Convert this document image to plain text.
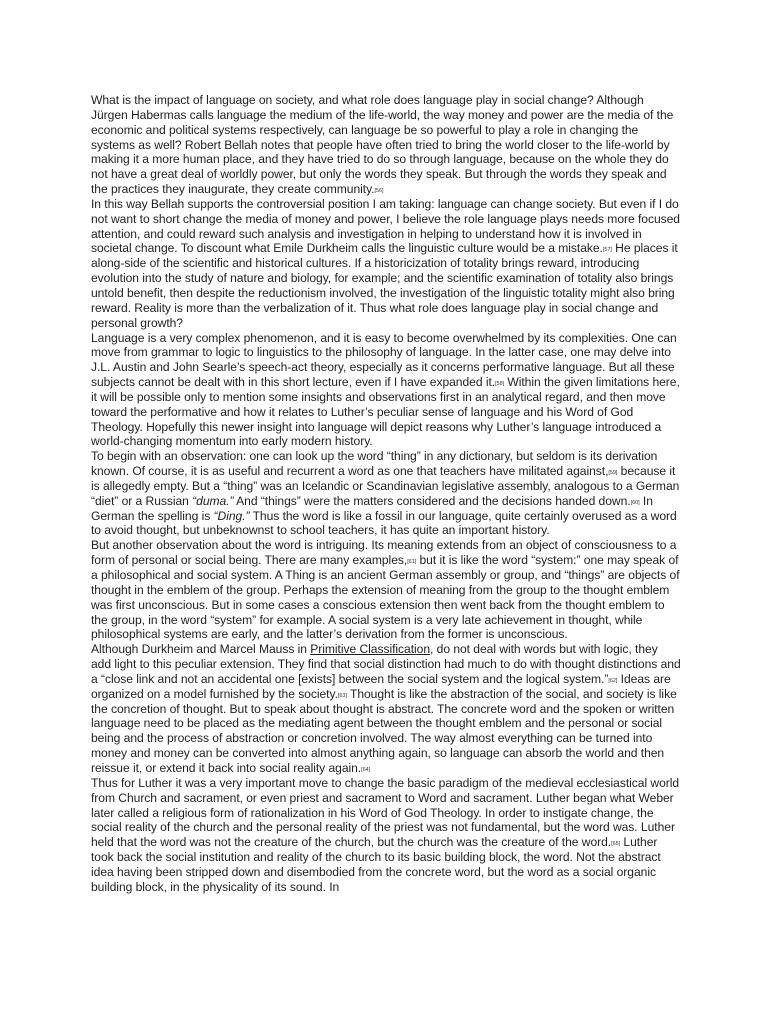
What is the impact of language on society, and what role does language play in social change? Although Jürgen Habermas calls language the medium of the life-world, the way money and power are the media of the economic and political systems respectively, can language be so powerful to play a role in changing the systems as well? Robert Bellah notes that people have often tried to bring the world closer to the life-world by making it a more human place, and they have tried to do so through language, because on the whole they do not have a great deal of worldly power, but only the words they speak. But through the words they speak and the practices they inaugurate, they create community.[56]

In this way Bellah supports the controversial position I am taking: language can change society. But even if I do not want to short change the media of money and power, I believe the role language plays needs more focused attention, and could reward such analysis and investigation in helping to understand how it is involved in societal change. To discount what Emile Durkheim calls the linguistic culture would be a mistake.[57] He places it along-side of the scientific and historical cultures. If a historicization of totality brings reward, introducing evolution into the study of nature and biology, for example; and the scientific examination of totality also brings untold benefit, then despite the reductionism involved, the investigation of the linguistic totality might also bring reward. Reality is more than the verbalization of it. Thus what role does language play in social change and personal growth?

Language is a very complex phenomenon, and it is easy to become overwhelmed by its complexities. One can move from grammar to logic to linguistics to the philosophy of language. In the latter case, one may delve into J.L. Austin and John Searle’s speech-act theory, especially as it concerns performative language. But all these subjects cannot be dealt with in this short lecture, even if I have expanded it.[58] Within the given limitations here, it will be possible only to mention some insights and observations first in an analytical regard, and then move toward the performative and how it relates to Luther’s peculiar sense of language and his Word of God Theology. Hopefully this newer insight into language will depict reasons why Luther’s language introduced a world-changing momentum into early modern history.

To begin with an observation: one can look up the word “thing” in any dictionary, but seldom is its derivation known. Of course, it is as useful and recurrent a word as one that teachers have militated against,[59] because it is allegedly empty. But a “thing” was an Icelandic or Scandinavian legislative assembly, analogous to a German “diet” or a Russian “duma.” And “things” were the matters considered and the decisions handed down.[60] In German the spelling is “Ding.” Thus the word is like a fossil in our language, quite certainly overused as a word to avoid thought, but unbeknownst to school teachers, it has quite an important history.

But another observation about the word is intriguing. Its meaning extends from an object of consciousness to a form of personal or social being. There are many examples,[61] but it is like the word “system:” one may speak of a philosophical and social system. A Thing is an ancient German assembly or group, and “things” are objects of thought in the emblem of the group. Perhaps the extension of meaning from the group to the thought emblem was first unconscious. But in some cases a conscious extension then went back from the thought emblem to the group, in the word “system” for example. A social system is a very late achievement in thought, while philosophical systems are early, and the latter’s derivation from the former is unconscious.

Although Durkheim and Marcel Mauss in Primitive Classification, do not deal with words but with logic, they add light to this peculiar extension. They find that social distinction had much to do with thought distinctions and a “close link and not an accidental one [exists] between the social system and the logical system.”[62] Ideas are organized on a model furnished by the society.[63] Thought is like the abstraction of the social, and society is like the concretion of thought. But to speak about thought is abstract. The concrete word and the spoken or written language need to be placed as the mediating agent between the thought emblem and the personal or social being and the process of abstraction or concretion involved. The way almost everything can be turned into money and money can be converted into almost anything again, so language can absorb the world and then reissue it, or extend it back into social reality again.[64]

Thus for Luther it was a very important move to change the basic paradigm of the medieval ecclesiastical world from Church and sacrament, or even priest and sacrament to Word and sacrament. Luther began what Weber later called a religious form of rationalization in his Word of God Theology. In order to instigate change, the social reality of the church and the personal reality of the priest was not fundamental, but the word was. Luther held that the word was not the creature of the church, but the church was the creature of the word.[65] Luther took back the social institution and reality of the church to its basic building block, the word. Not the abstract idea having been stripped down and disembodied from the concrete word, but the word as a social organic building block, in the physicality of its sound. In
